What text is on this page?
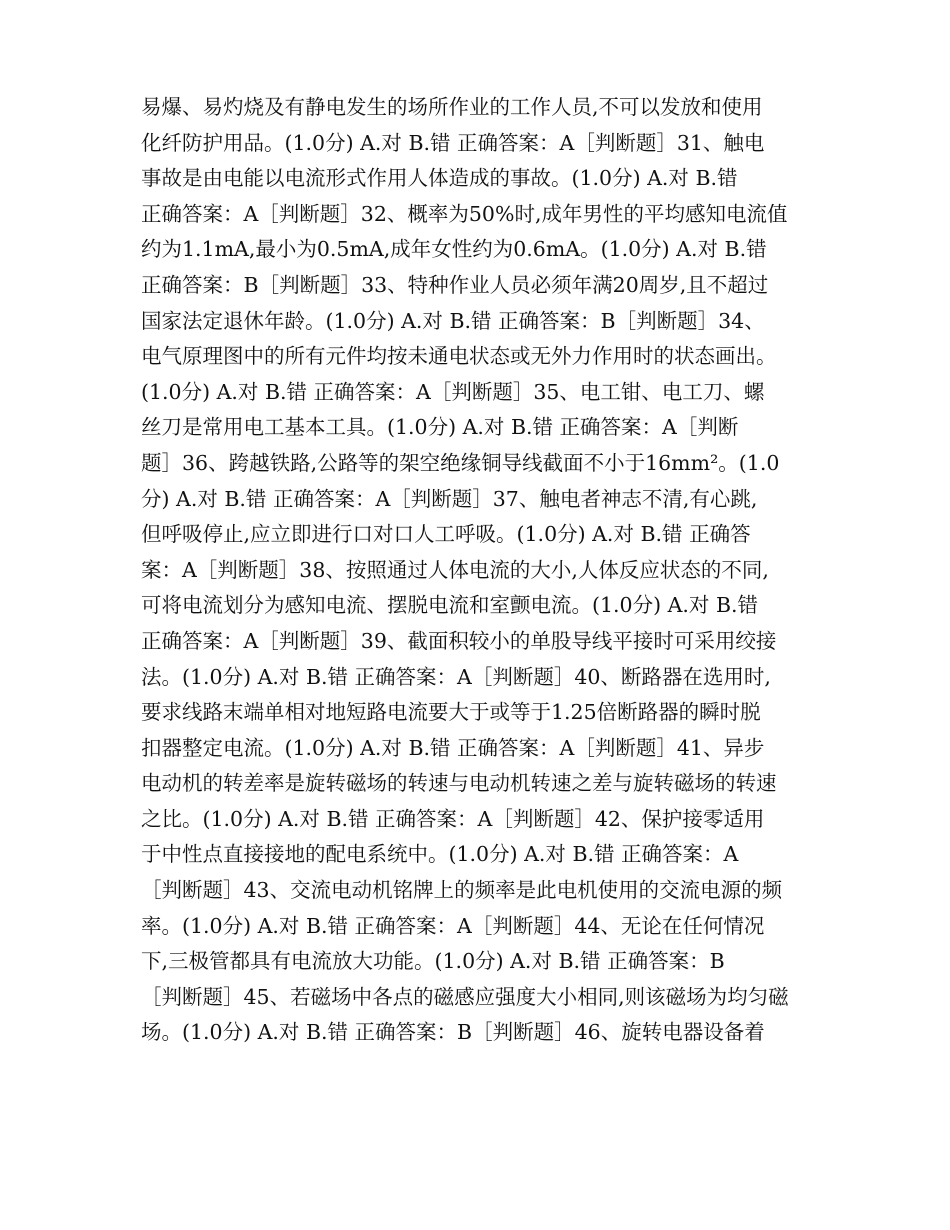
易爆、易灼烧及有静电发生的场所作业的工作人员,不可以发放和使用
化纤防护用品。(1.0分) A.对 B.错 正确答案：A［判断题］31、触电
事故是由电能以电流形式作用人体造成的事故。(1.0分) A.对 B.错
正确答案：A［判断题］32、概率为50%时,成年男性的平均感知电流值
约为1.1mA,最小为0.5mA,成年女性约为0.6mA。(1.0分) A.对 B.错
正确答案：B［判断题］33、特种作业人员必须年满20周岁,且不超过
国家法定退休年龄。(1.0分) A.对 B.错 正确答案：B［判断题］34、
电气原理图中的所有元件均按未通电状态或无外力作用时的状态画出。
(1.0分) A.对 B.错 正确答案：A［判断题］35、电工钳、电工刀、螺
丝刀是常用电工基本工具。(1.0分) A.对 B.错 正确答案：A［判断
题］36、跨越铁路,公路等的架空绝缘铜导线截面不小于16mm²。(1.0
分) A.对 B.错 正确答案：A［判断题］37、触电者神志不清,有心跳,
但呼吸停止,应立即进行口对口人工呼吸。(1.0分) A.对 B.错 正确答
案：A［判断题］38、按照通过人体电流的大小,人体反应状态的不同,
可将电流划分为感知电流、摆脱电流和室颤电流。(1.0分) A.对 B.错
正确答案：A［判断题］39、截面积较小的单股导线平接时可采用绞接
法。(1.0分) A.对 B.错 正确答案：A［判断题］40、断路器在选用时,
要求线路末端单相对地短路电流要大于或等于1.25倍断路器的瞬时脱
扣器整定电流。(1.0分) A.对 B.错 正确答案：A［判断题］41、异步
电动机的转差率是旋转磁场的转速与电动机转速之差与旋转磁场的转速
之比。(1.0分) A.对 B.错 正确答案：A［判断题］42、保护接零适用
于中性点直接接地的配电系统中。(1.0分) A.对 B.错 正确答案：A
［判断题］43、交流电动机铭牌上的频率是此电机使用的交流电源的频
率。(1.0分) A.对 B.错 正确答案：A［判断题］44、无论在任何情况
下,三极管都具有电流放大功能。(1.0分) A.对 B.错 正确答案：B
［判断题］45、若磁场中各点的磁感应强度大小相同,则该磁场为均匀磁
场。(1.0分) A.对 B.错 正确答案：B［判断题］46、旋转电器设备着
